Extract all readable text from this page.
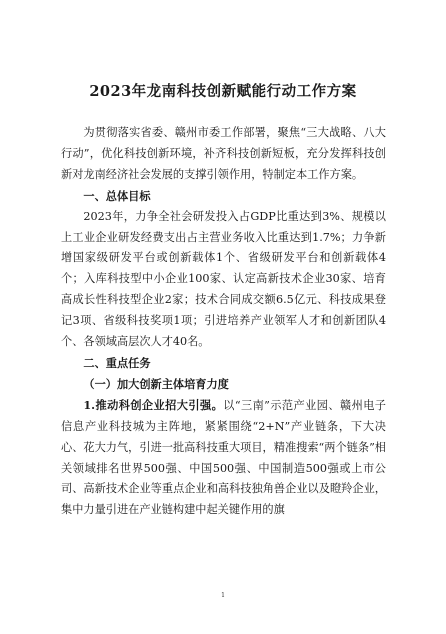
2023年龙南科技创新赋能行动工作方案

为贯彻落实省委、赣州市委工作部署，聚焦“三大战略、八大行动”，优化科技创新环境，补齐科技创新短板，充分发挥科技创新对龙南经济社会发展的支撑引领作用，特制定本工作方案。

一、总体目标

2023年，力争全社会研发投入占GDP比重达到3%、规模以上工业企业研发经费支出占主营业务收入比重达到1.7%；力争新增国家级研发平台或创新载体1个、省级研发平台和创新载体4个；入库科技型中小企业100家、认定高新技术企业30家、培育高成长性科技型企业2家；技术合同成交额6.5亿元、科技成果登记3项、省级科技奖项1项；引进培养产业领军人才和创新团队4个、各领域高层次人才40名。

二、重点任务

（一）加大创新主体培育力度

1.推动科创企业招大引强。以“三南”示范产业园、赣州电子信息产业科技城为主阵地，紧紧围绕“2+N”产业链条，下大决心、花大力气，引进一批高科技重大项目，精准搜索“两个链条”相关领域排名世界500强、中国500强、中国制造500强或上市公司、高新技术企业等重点企业和高科技独角兽企业以及瞪羚企业，集中力量引进在产业链构建中起关键作用的旗

1
